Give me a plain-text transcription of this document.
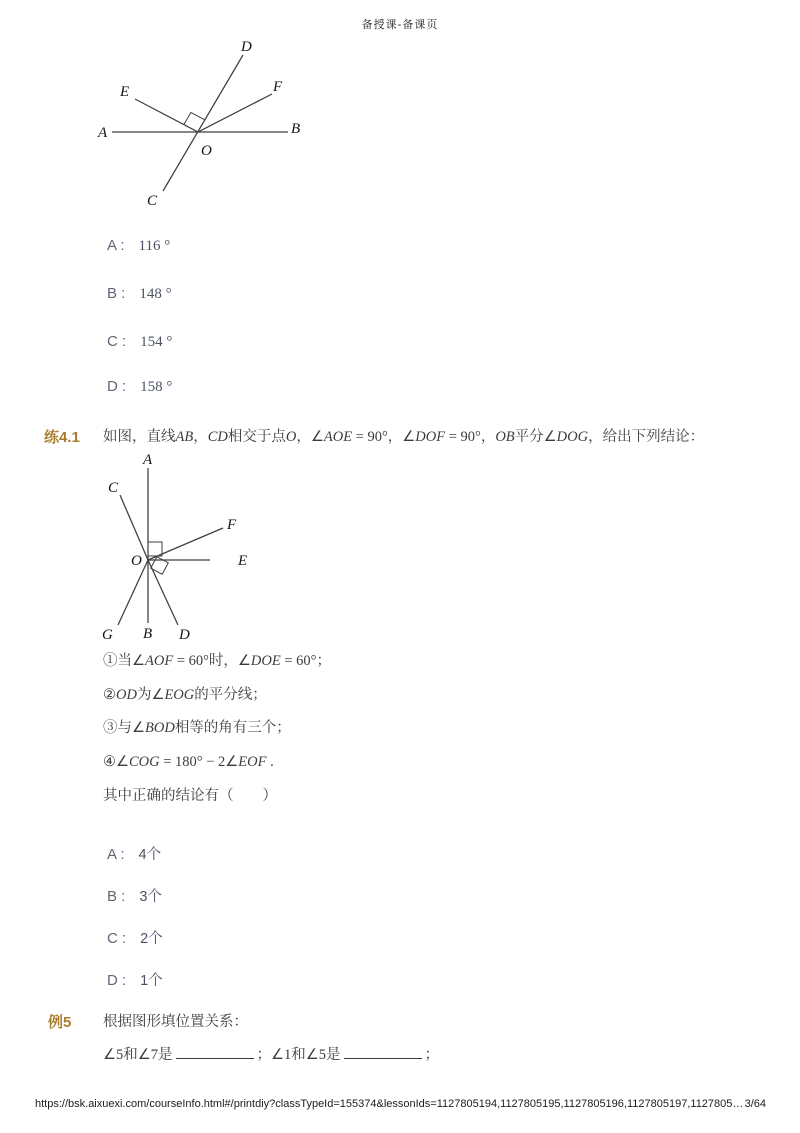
备授课-备课页
A	B
C
D
E	F
O
A : 116 °
B : 148 °
C : 154 °
D : 158 °
练4.1 如图，直线AB，CD相交于点O，∠AOE = 90°，∠DOF = 90°，OB平分∠DOG，给出下列结论：
A
B
C
D
E
F
G
O
①当∠AOF = 60°时，∠DOE = 60°；
②OD为∠EOG的平分线；
③与∠BOD相等的角有三个；
④∠COG = 180° − 2∠EOF .
其中正确的结论有（　　）
A : 4个
B : 3个
C : 2个
D : 1个
例5 根据图形填位置关系：
∠5和∠7是	；∠1和∠5是	；
https://bsk.aixuexi.com/courseInfo.html#/printdiy?classTypeId=155374&lessonIds=1127805194,1127805195,1127805196,1127805197,1127805… 3/64
